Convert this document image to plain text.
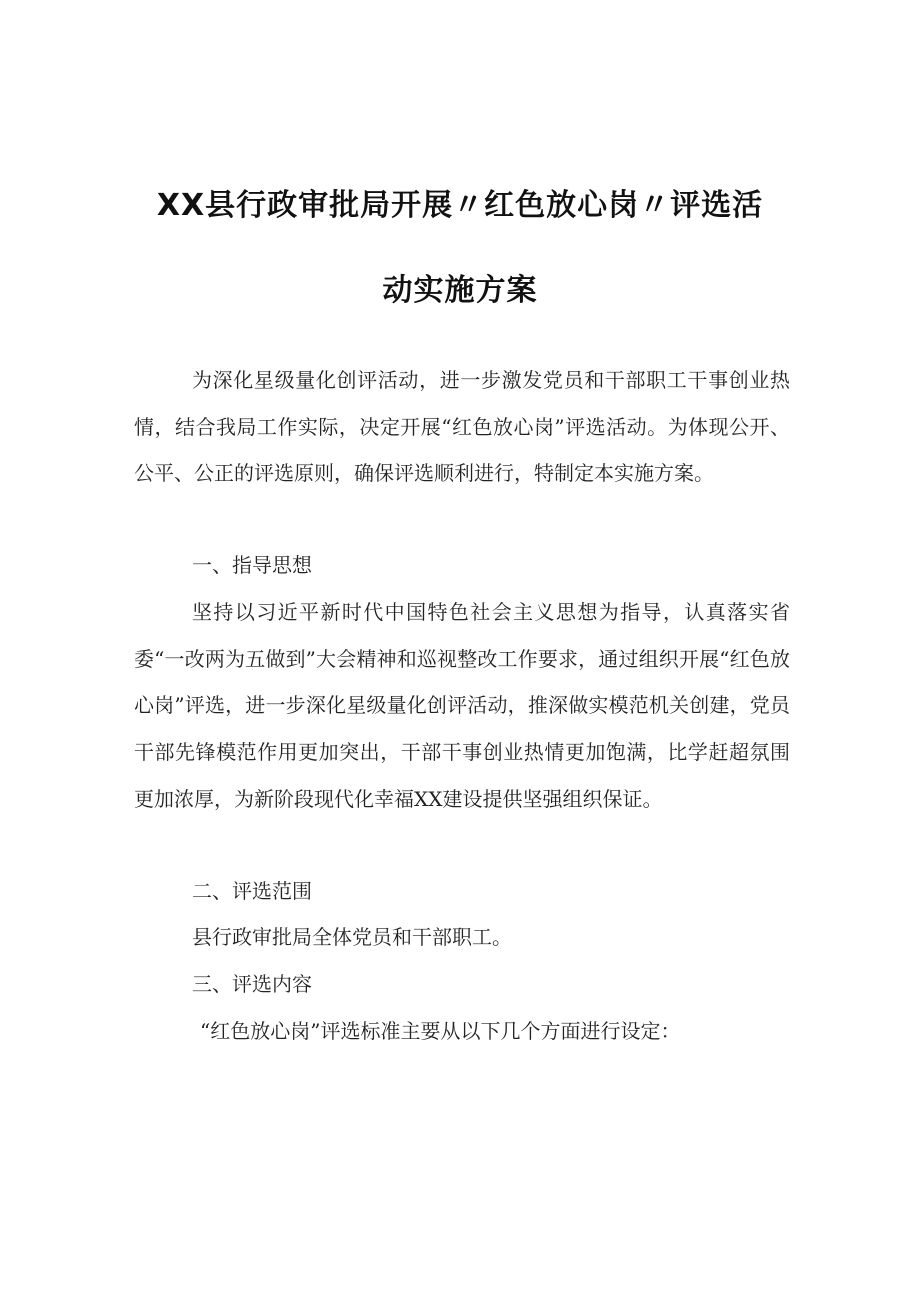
XX县行政审批局开展〃红色放心岗〃评选活
动实施方案

为深化星级量化创评活动，进一步激发党员和干部职工干事创业热情，结合我局工作实际，决定开展“红色放心岗”评选活动。为体现公开、公平、公正的评选原则，确保评选顺利进行，特制定本实施方案。

一、指导思想

坚持以习近平新时代中国特色社会主义思想为指导，认真落实省委“一改两为五做到”大会精神和巡视整改工作要求，通过组织开展“红色放心岗”评选，进一步深化星级量化创评活动，推深做实模范机关创建，党员干部先锋模范作用更加突出，干部干事创业热情更加饱满，比学赶超氛围更加浓厚，为新阶段现代化幸福XX建设提供坚强组织保证。

二、评选范围

县行政审批局全体党员和干部职工。

三、评选内容

“红色放心岗”评选标准主要从以下几个方面进行设定：
